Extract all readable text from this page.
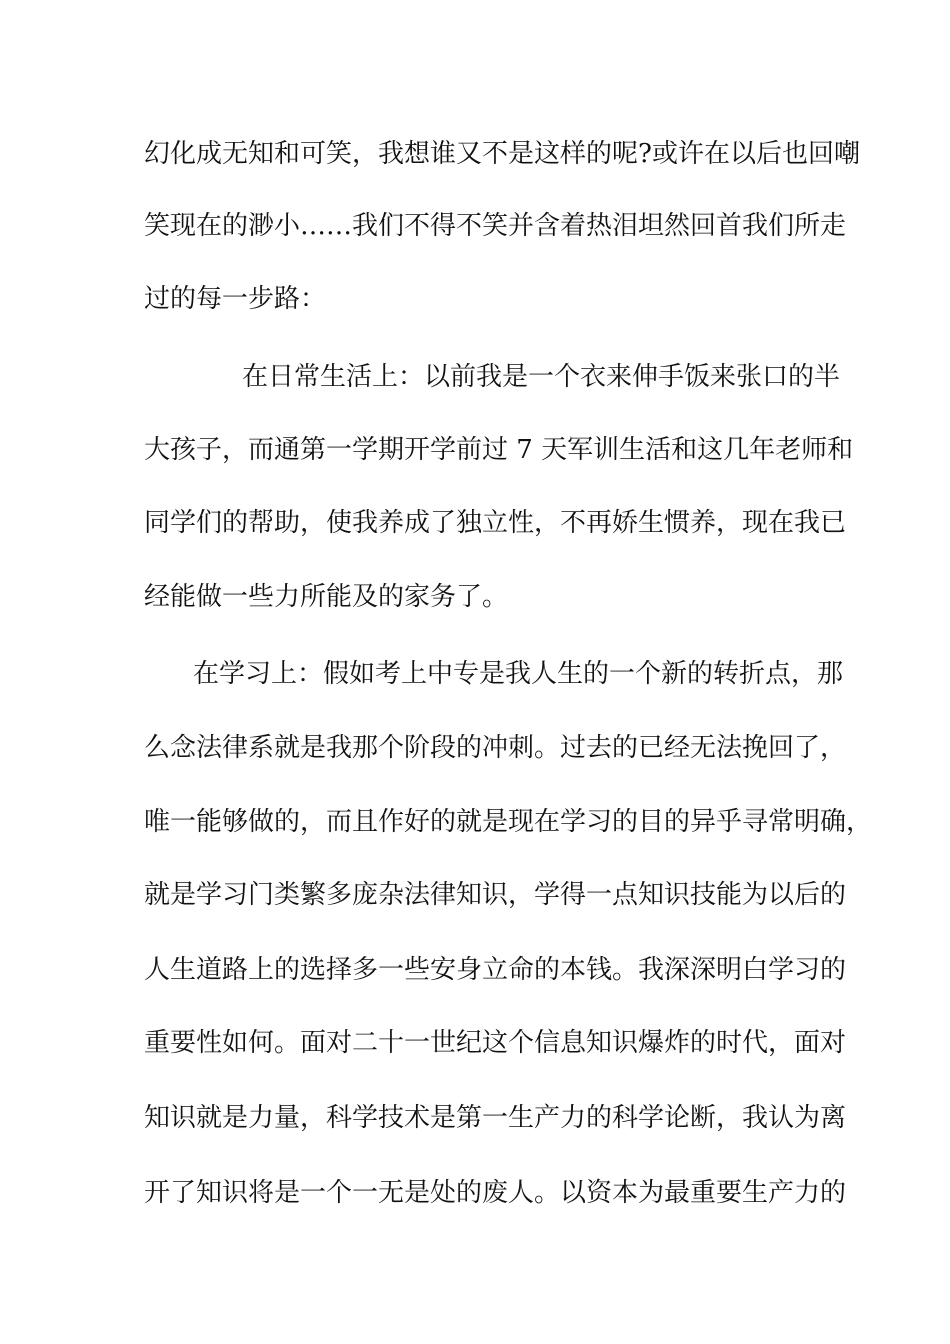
幻化成无知和可笑，我想谁又不是这样的呢?或许在以后也回嘲
笑现在的渺小……我们不得不笑并含着热泪坦然回首我们所走
过的每一步路：
在日常生活上：以前我是一个衣来伸手饭来张口的半
大孩子，而通第一学期开学前过 7 天军训生活和这几年老师和
同学们的帮助，使我养成了独立性，不再娇生惯养，现在我已
经能做一些力所能及的家务了。
在学习上：假如考上中专是我人生的一个新的转折点，那
么念法律系就是我那个阶段的冲刺。过去的已经无法挽回了，
唯一能够做的，而且作好的就是现在学习的目的异乎寻常明确，
就是学习门类繁多庞杂法律知识，学得一点知识技能为以后的
人生道路上的选择多一些安身立命的本钱。我深深明白学习的
重要性如何。面对二十一世纪这个信息知识爆炸的时代，面对
知识就是力量，科学技术是第一生产力的科学论断，我认为离
开了知识将是一个一无是处的废人。以资本为最重要生产力的
